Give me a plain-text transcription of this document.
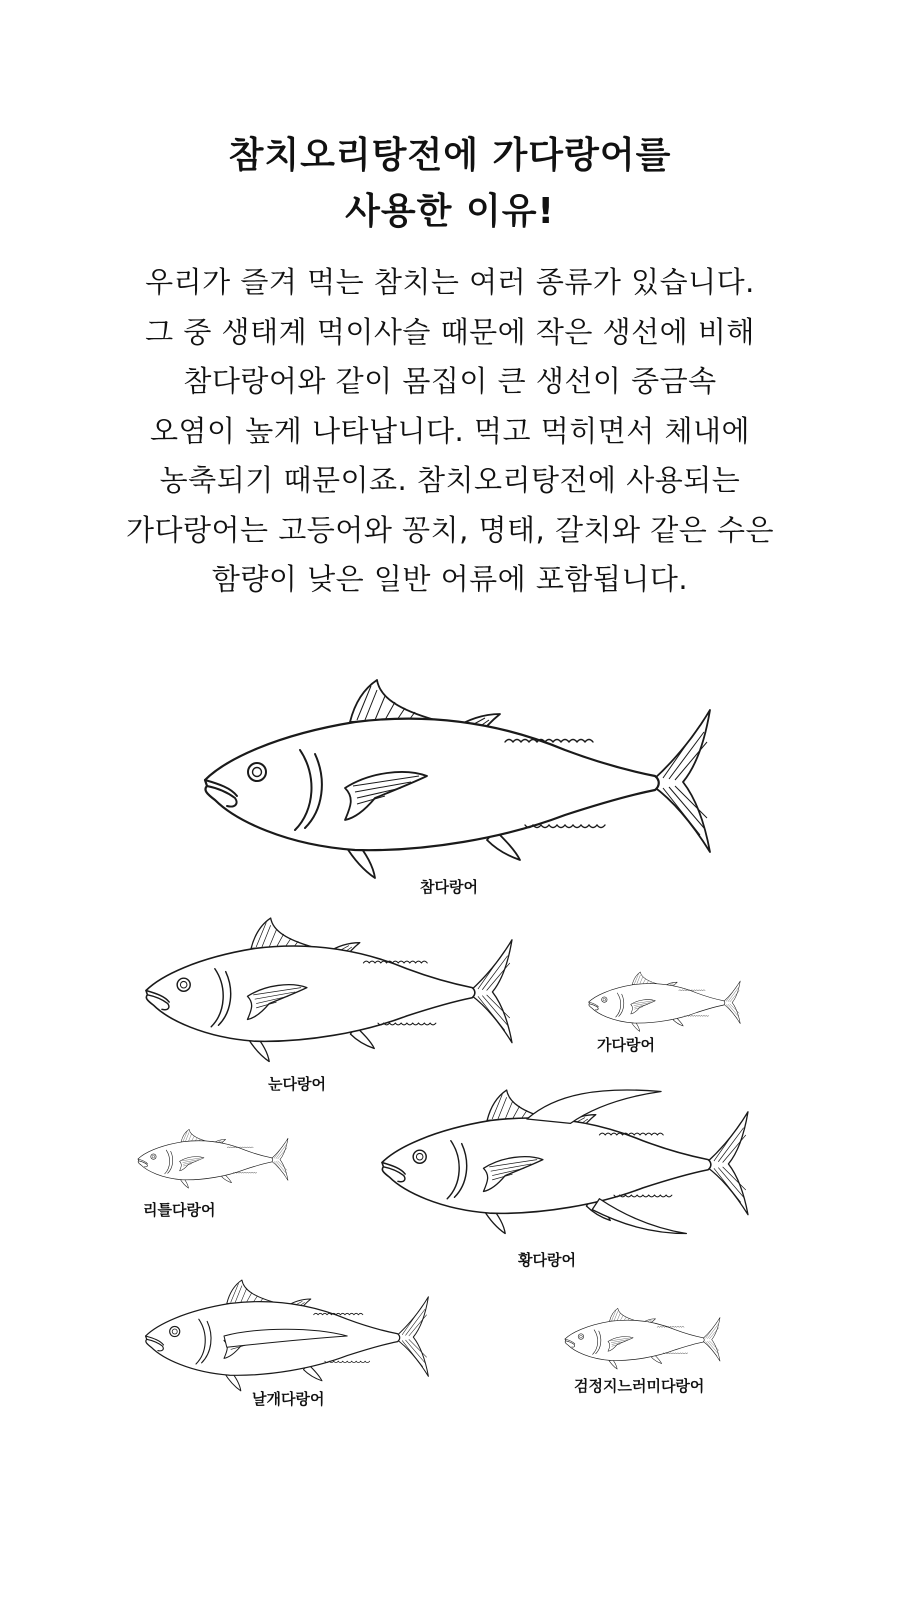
참치오리탕전에 가다랑어를
사용한 이유!

우리가 즐겨 먹는 참치는 여러 종류가 있습니다.
그 중 생태계 먹이사슬 때문에 작은 생선에 비해
참다랑어와 같이 몸집이 큰 생선이 중금속
오염이 높게 나타납니다. 먹고 먹히면서 체내에
농축되기 때문이죠. 참치오리탕전에 사용되는
가다랑어는 고등어와 꽁치, 명태, 갈치와 같은 수은
함량이 낮은 일반 어류에 포함됩니다.

참다랑어
눈다랑어
가다랑어
리틀다랑어
황다랑어
날개다랑어
검정지느러미다랑어
